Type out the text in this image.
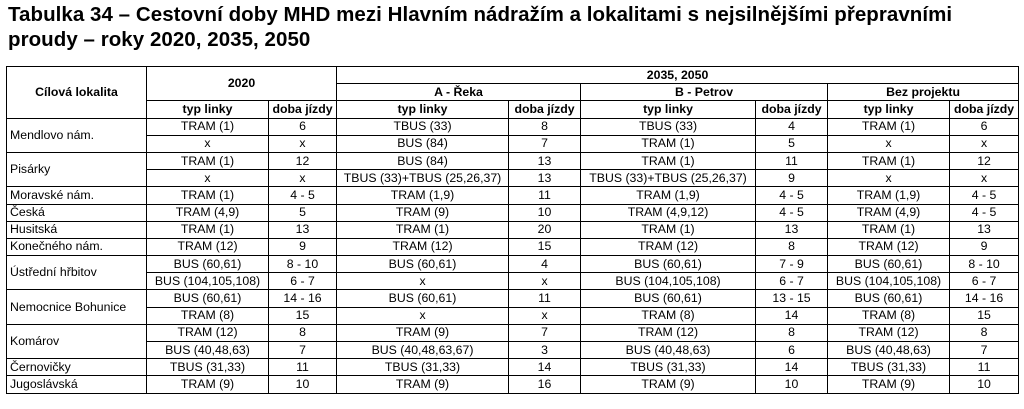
Tabulka 34 – Cestovní doby MHD mezi Hlavním nádražím a lokalitami s nejsilnějšími přepravními proudy – roky 2020, 2035, 2050
Cílová lokalita	2020		2035, 2050					
			A - Řeka		B - Petrov		Bez projektu	
	typ linky	doba jízdy	typ linky	doba jízdy	typ linky	doba jízdy	typ linky	doba jízdy
Mendlovo nám.	TRAM (1)	6	TBUS (33)	8	TBUS (33)	4	TRAM (1)	6
	x	x	BUS (84)	7	TRAM (1)	5	x	x
Pisárky	TRAM (1)	12	BUS (84)	13	TRAM (1)	11	TRAM (1)	12
	x	x	TBUS (33)+TBUS (25,26,37)	13	TBUS (33)+TBUS (25,26,37)	9	x	x
Moravské nám.	TRAM (1)	4 - 5	TRAM (1,9)	11	TRAM (1,9)	4 - 5	TRAM (1,9)	4 - 5
Česká	TRAM (4,9)	5	TRAM (9)	10	TRAM (4,9,12)	4 - 5	TRAM (4,9)	4 - 5
Husitská	TRAM (1)	13	TRAM (1)	20	TRAM (1)	13	TRAM (1)	13
Konečného nám.	TRAM (12)	9	TRAM (12)	15	TRAM (12)	8	TRAM (12)	9
Ústřední hřbitov	BUS (60,61)	8 - 10	BUS (60,61)	4	BUS (60,61)	7 - 9	BUS (60,61)	8 - 10
	BUS (104,105,108)	6 - 7	x	x	BUS (104,105,108)	6 - 7	BUS (104,105,108)	6 - 7
Nemocnice Bohunice	BUS (60,61)	14 - 16	BUS (60,61)	11	BUS (60,61)	13 - 15	BUS (60,61)	14 - 16
	TRAM (8)	15	x	x	TRAM (8)	14	TRAM (8)	15
Komárov	TRAM (12)	8	TRAM (9)	7	TRAM (12)	8	TRAM (12)	8
	BUS (40,48,63)	7	BUS (40,48,63,67)	3	BUS (40,48,63)	6	BUS (40,48,63)	7
Černovičky	TBUS (31,33)	11	TBUS (31,33)	14	TBUS (31,33)	14	TBUS (31,33)	11
Jugoslávská	TRAM (9)	10	TRAM (9)	16	TRAM (9)	10	TRAM (9)	10
